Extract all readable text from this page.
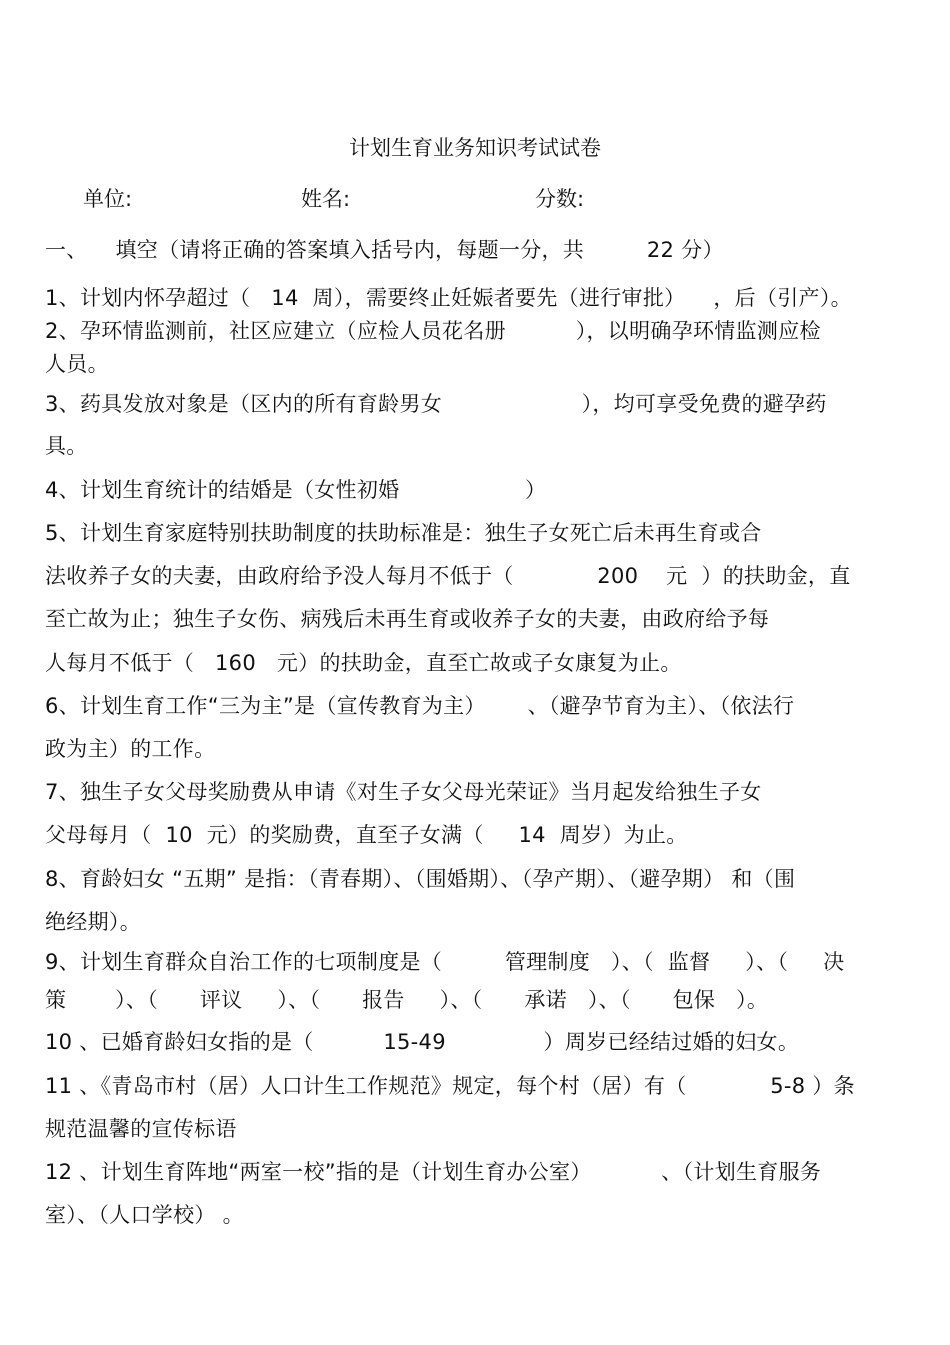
计划生育业务知识考试试卷
单位:	姓名:	分数:
一、    填空（请将正确的答案填入括号内，每题一分，共         22 分）
1、计划内怀孕超过（   14  周），需要终止妊娠者要先（进行审批）    ，后（引产）。
2、孕环情监测前，社区应建立（应检人员花名册          ），以明确孕环情监测应检
人员。
3、药具发放对象是（区内的所有育龄男女                    ），均可享受免费的避孕药
具。
4、计划生育统计的结婚是（女性初婚                  ）
5、计划生育家庭特别扶助制度的扶助标准是：独生子女死亡后未再生育或合
法收养子女的夫妻，由政府给予没人每月不低于（            200    元  ）的扶助金，直
至亡故为止；独生子女伤、病残后未再生育或收养子女的夫妻，由政府给予每
人每月不低于（   160   元）的扶助金，直至亡故或子女康复为止。
6、计划生育工作“三为主”是（宣传教育为主）      、（避孕节育为主）、（依法行
政为主）的工作。
7、独生子女父母奖励费从申请《对生子女父母光荣证》当月起发给独生子女
父母每月（  10  元）的奖励费，直至子女满（     14  周岁）为止。
8、育龄妇女 “五期” 是指：（青春期）、（围婚期）、（孕产期）、（避孕期） 和（围
绝经期）。
9、计划生育群众自治工作的七项制度是（         管理制度   ）、（  监督     ）、（     决
策       ）、（      评议     ）、（      报告     ）、（      承诺   ）、（      包保   ）。
10 、已婚育龄妇女指的是（          15-49              ）周岁已经结过婚的妇女。
11 、《青岛市村（居）人口计生工作规范》规定，每个村（居）有（            5-8 ）条
规范温馨的宣传标语
12 、计划生育阵地“两室一校”指的是（计划生育办公室）          、（计划生育服务
室）、（人口学校） 。
